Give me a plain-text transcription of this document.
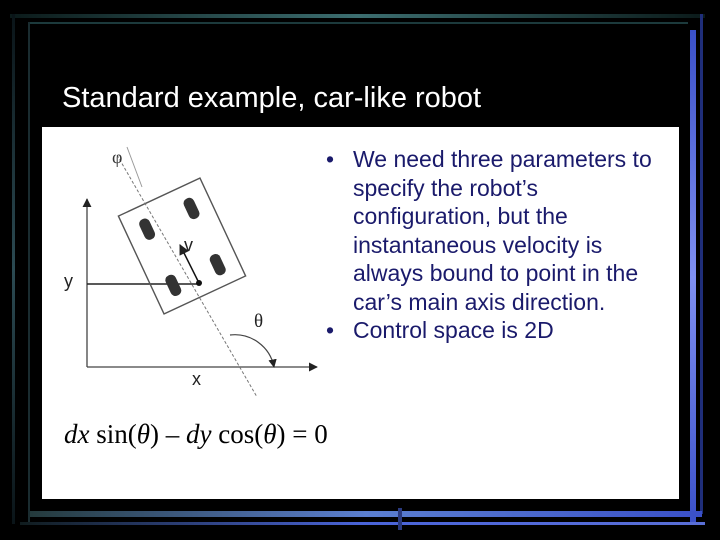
Standard example, car-like robot
φ
v
y
θ
x
• We need three parameters to specify the robot’s configuration, but the instantaneous velocity is always bound to point in the car’s main axis direction.
• Control space is 2D
dx sin(θ) – dy cos(θ) = 0
